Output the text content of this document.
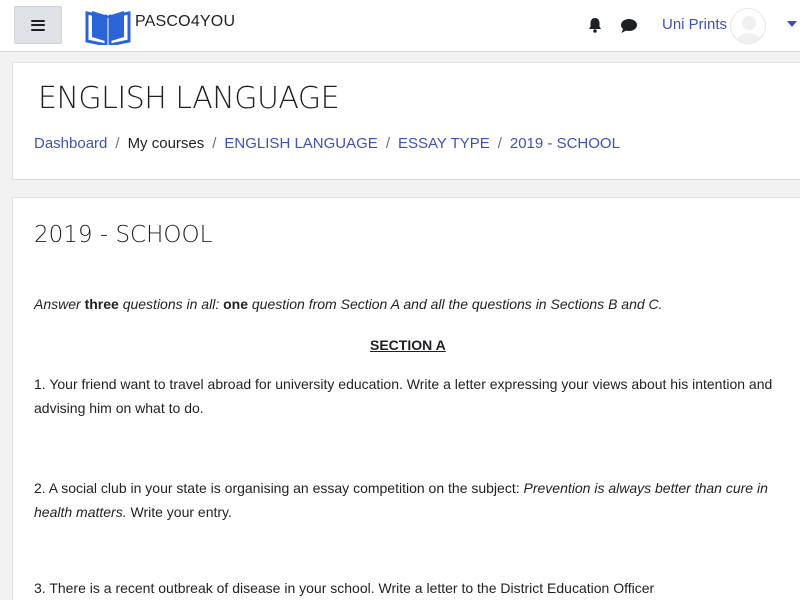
PASCO4YOU	Uni Prints
ENGLISH LANGUAGE
Dashboard / My courses / ENGLISH LANGUAGE / ESSAY TYPE / 2019 - SCHOOL
2019 - SCHOOL

Answer three questions in all: one question from Section A and all the questions in Sections B and C.

SECTION A

1. Your friend want to travel abroad for university education. Write a letter expressing your views about his intention and advising him on what to do.

2. A social club in your state is organising an essay competition on the subject: Prevention is always better than cure in health matters. Write your entry.

3. There is a recent outbreak of disease in your school. Write a letter to the District Education Officer
